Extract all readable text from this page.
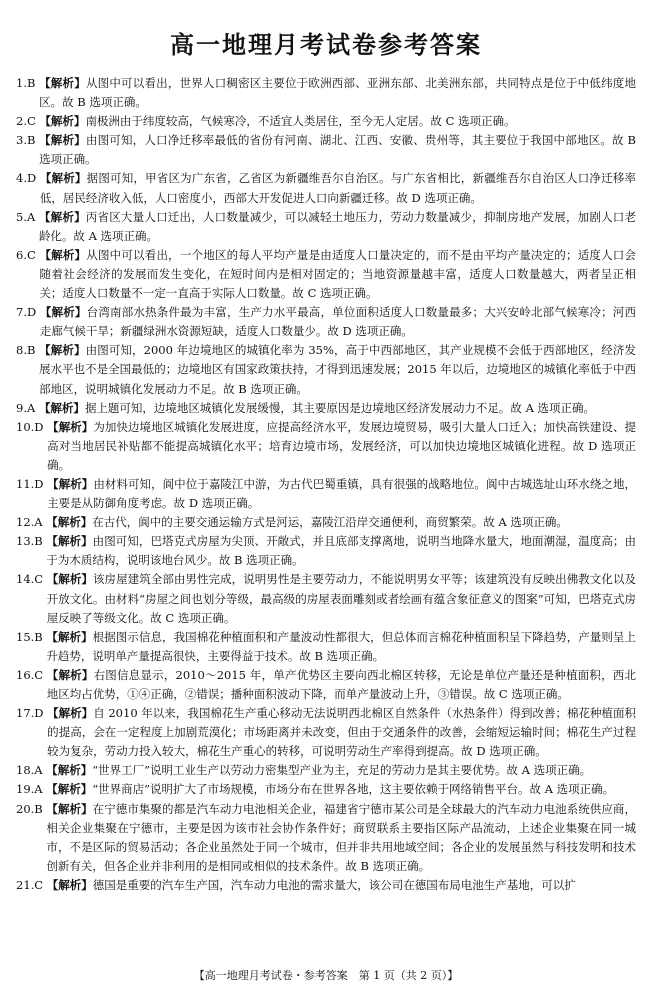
高一地理月考试卷参考答案
1.B 【解析】从图中可以看出，世界人口稠密区主要位于欧洲西部、亚洲东部、北美洲东部，共同特点是位于中低纬度地区。故 B 选项正确。
2.C 【解析】南极洲由于纬度较高，气候寒冷，不适宜人类居住，至今无人定居。故 C 选项正确。
3.B 【解析】由图可知，人口净迁移率最低的省份有河南、湖北、江西、安徽、贵州等，其主要位于我国中部地区。故 B 选项正确。
4.D 【解析】据图可知，甲省区为广东省，乙省区为新疆维吾尔自治区。与广东省相比，新疆维吾尔自治区人口净迁移率低，居民经济收入低，人口密度小，西部大开发促进人口向新疆迁移。故 D 选项正确。
5.A 【解析】丙省区大量人口迁出，人口数量减少，可以减轻土地压力，劳动力数量减少，抑制房地产发展，加剧人口老龄化。故 A 选项正确。
6.C 【解析】从图中可以看出，一个地区的每人平均产量是由适度人口量决定的，而不是由平均产量决定的；适度人口会随着社会经济的发展而发生变化，在短时间内是相对固定的；当地资源量越丰富，适度人口数量越大，两者呈正相关；适度人口数量不一定一直高于实际人口数量。故 C 选项正确。
7.D 【解析】台湾南部水热条件最为丰富，生产力水平最高，单位面积适度人口数量最多；大兴安岭北部气候寒冷；河西走廊气候干旱；新疆绿洲水资源短缺，适度人口数量少。故 D 选项正确。
8.B 【解析】由图可知，2000 年边境地区的城镇化率为 35%，高于中西部地区，其产业规模不会低于西部地区，经济发展水平也不是全国最低的；边境地区有国家政策扶持，才得到迅速发展；2015 年以后，边境地区的城镇化率低于中西部地区，说明城镇化发展动力不足。故 B 选项正确。
9.A 【解析】据上题可知，边境地区城镇化发展缓慢，其主要原因是边境地区经济发展动力不足。故 A 选项正确。
10.D 【解析】为加快边境地区城镇化发展进度，应提高经济水平，发展边境贸易，吸引大量人口迁入；加快高铁建设、提高对当地居民补贴都不能提高城镇化水平；培育边境市场，发展经济，可以加快边境地区城镇化进程。故 D 选项正确。
11.D 【解析】由材料可知，阆中位于嘉陵江中游，为古代巴蜀重镇，具有很强的战略地位。阆中古城选址山环水绕之地，主要是从防御角度考虑。故 D 选项正确。
12.A 【解析】在古代，阆中的主要交通运输方式是河运，嘉陵江沿岸交通便利，商贸繁荣。故 A 选项正确。
13.B 【解析】由图可知，巴塔克式房屋为尖顶、开敞式，并且底部支撑离地，说明当地降水量大，地面潮湿，温度高；由于为木质结构，说明该地台风少。故 B 选项正确。
14.C 【解析】该房屋建筑全部由男性完成，说明男性是主要劳动力，不能说明男女平等；该建筑没有反映出佛教文化以及开放文化。由材料“房屋之间也划分等级，最高级的房屋表面雕刻或者绘画有蕴含象征意义的图案”可知，巴塔克式房屋反映了等级文化。故 C 选项正确。
15.B 【解析】根据图示信息，我国棉花种植面积和产量波动性都很大，但总体而言棉花种植面积呈下降趋势，产量则呈上升趋势，说明单产量提高很快，主要得益于技术。故 B 选项正确。
16.C 【解析】右图信息显示，2010～2015 年，单产优势区主要向西北棉区转移，无论是单位产量还是种植面积，西北地区均占优势，①④正确，②错误；播种面积波动下降，而单产量波动上升，③错误。故 C 选项正确。
17.D 【解析】自 2010 年以来，我国棉花生产重心移动无法说明西北棉区自然条件（水热条件）得到改善；棉花种植面积的提高，会在一定程度上加剧荒漠化；市场距离并未改变，但由于交通条件的改善，会缩短运输时间；棉花生产过程较为复杂，劳动力投入较大，棉花生产重心的转移，可说明劳动生产率得到提高。故 D 选项正确。
18.A 【解析】“世界工厂”说明工业生产以劳动力密集型产业为主，充足的劳动力是其主要优势。故 A 选项正确。
19.A 【解析】“世界商店”说明扩大了市场规模，市场分布在世界各地，这主要依赖于网络销售平台。故 A 选项正确。
20.B 【解析】在宁德市集聚的都是汽车动力电池相关企业，福建省宁德市某公司是全球最大的汽车动力电池系统供应商，相关企业集聚在宁德市，主要是因为该市社会协作条件好；商贸联系主要指区际产品流动，上述企业集聚在同一城市，不是区际的贸易活动；各企业虽然处于同一个城市，但并非共用地域空间；各企业的发展虽然与科技发明和技术创新有关，但各企业并非利用的是相同或相似的技术条件。故 B 选项正确。
21.C 【解析】德国是重要的汽车生产国，汽车动力电池的需求量大，该公司在德国布局电池生产基地，可以扩
【高一地理月考试卷・参考答案　第 1 页（共 2 页）】
